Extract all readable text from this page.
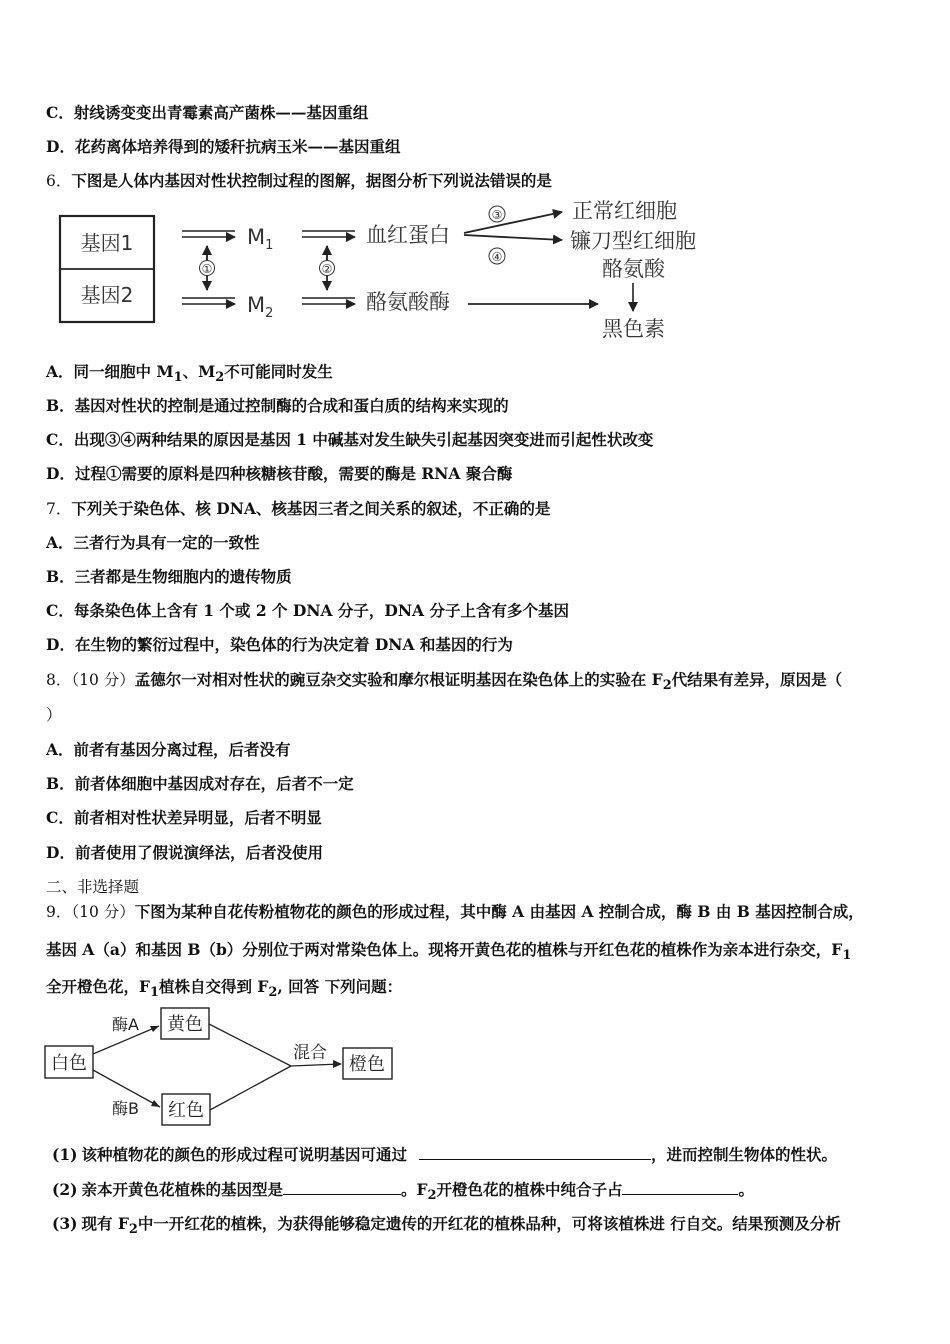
C．射线诱变变出青霉素高产菌株——基因重组
D．花药离体培养得到的矮秆抗病玉米——基因重组
6．下图是人体内基因对性状控制过程的图解，据图分析下列说法错误的是
基因1
基因2
$M_1$
$M_2$
①	②
血红蛋白
酪氨酸酶
③
④
正常红细胞
镰刀型红细胞
酪氨酸
黑色素
A．同一细胞中 $M_1$、$M_2$不可能同时发生
B．基因对性状的控制是通过控制酶的合成和蛋白质的结构来实现的
C．出现③④两种结果的原因是基因 1 中碱基对发生缺失引起基因突变进而引起性状改变
D．过程①需要的原料是四种核糖核苷酸，需要的酶是 RNA 聚合酶
7．下列关于染色体、核 DNA、核基因三者之间关系的叙述，不正确的是
A．三者行为具有一定的一致性
B．三者都是生物细胞内的遗传物质
C．每条染色体上含有 1 个或 2 个 DNA 分子，DNA 分子上含有多个基因
D．在生物的繁衍过程中，染色体的行为决定着 DNA 和基因的行为
8．（10 分）孟德尔一对相对性状的豌豆杂交实验和摩尔根证明基因在染色体上的实验在 $F_2$代结果有差异，原因是（
）
A．前者有基因分离过程，后者没有
B．前者体细胞中基因成对存在，后者不一定
C．前者相对性状差异明显，后者不明显
D．前者使用了假说演绎法，后者没使用
二、非选择题
9．（10 分）下图为某种自花传粉植物花的颜色的形成过程，其中酶 A 由基因 A 控制合成，酶 B 由 B 基因控制合成，
基因 A（a）和基因 B（b）分别位于两对常染色体上。现将开黄色花的植株与开红色花的植株作为亲本进行杂交，$F_1$
全开橙色花，$F_1$植株自交得到 $F_2$, 回答 下列问题：
白色
黄色
红色
橙色
酶A
酶B
混合
(1) 该种植物花的颜色的形成过程可说明基因可通过	，进而控制生物体的性状。
(2) 亲本开黄色花植株的基因型是	。$F_2$开橙色花的植株中纯合子占	。
(3) 现有 $F_2$中一开红花的植株，为获得能够稳定遗传的开红花的植株品种，可将该植株进 行自交。结果预测及分析
